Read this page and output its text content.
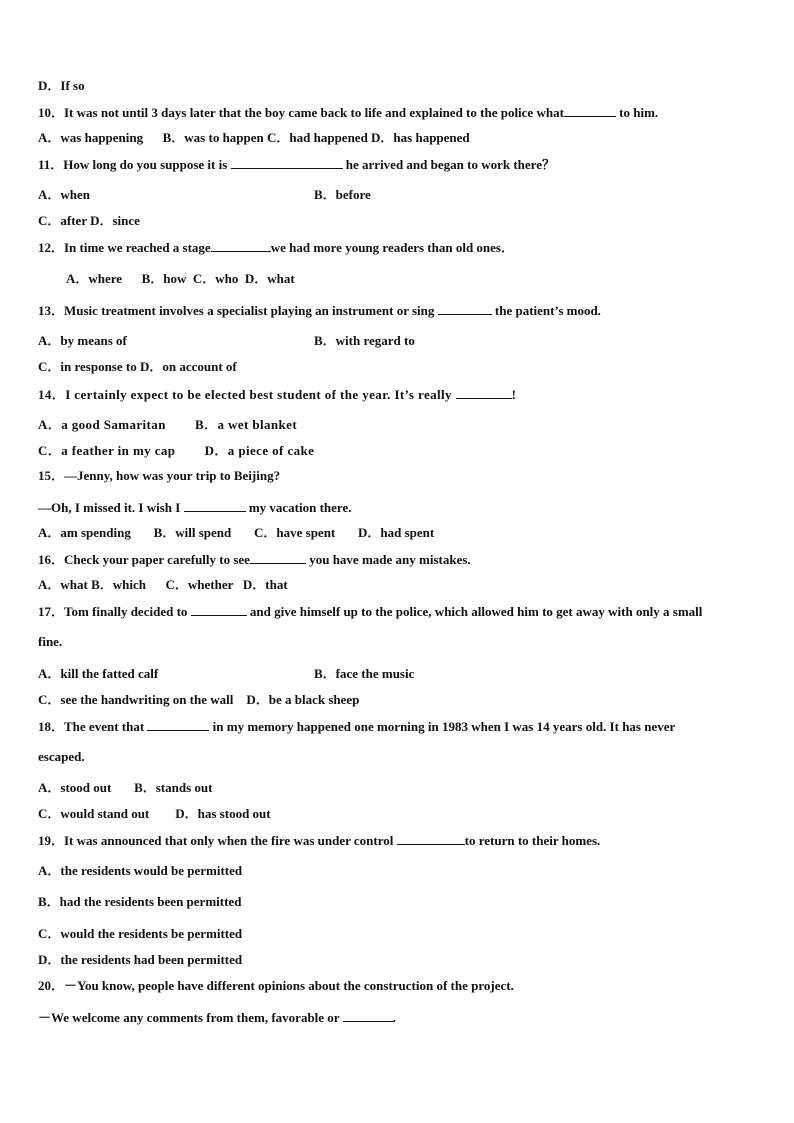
D．If so
10．It was not until 3 days later that the boy came back to life and explained to the police what	to him.
A．was happening      B．was to happen C．had happened D．has happened
11．How long do you suppose it is	he arrived and began to work there？
A．when	B．before
C．after D．since
12．In time we reached a stage	we had more young readers than old ones．
A．where      B．how  C．who  D．what
13．Music treatment involves a specialist playing an instrument or sing	the patient’s mood.
A．by means of	B．with regard to
C．in response to D．on account of
14．I certainly expect to be elected best student of the year. It’s really	!
A．a good Samaritan        B．a wet blanket
C．a feather in my cap        D．a piece of cake
15．—Jenny, how was your trip to Beijing?
—Oh, I missed it. I wish I	my vacation there.
A．am spending       B．will spend       C．have spent       D．had spent
16．Check your paper carefully to see	you have made any mistakes.
A．what B．which      C．whether   D．that
17．Tom finally decided to	and give himself up to the police, which allowed him to get away with only a small
fine.
A．kill the fatted calf	B．face the music
C．see the handwriting on the wall    D．be a black sheep
18．The event that	in my memory happened one morning in 1983 when I was 14 years old. It has never
escaped.
A．stood out       B．stands out
C．would stand out        D．has stood out
19．It was announced that only when the fire was under control	to return to their homes.
A．the residents would be permitted
B．had the residents been permitted
C．would the residents be permitted
D．the residents had been permitted
20．－You know, people have different opinions about the construction of the project.
－We welcome any comments from them, favorable or	.
